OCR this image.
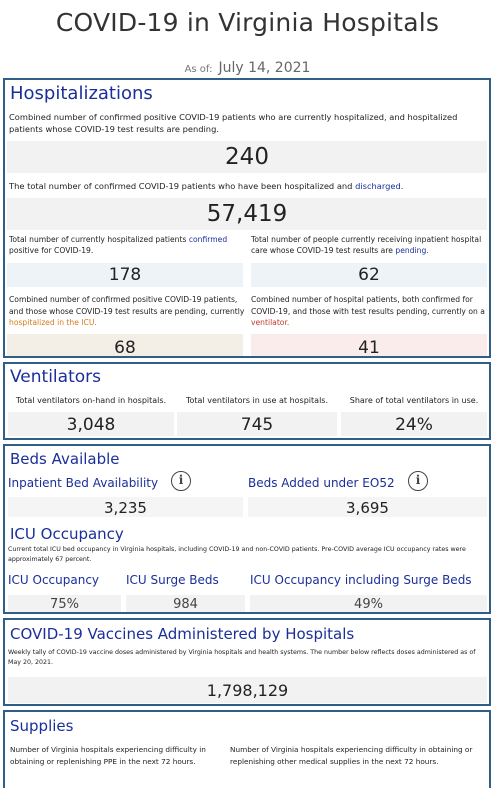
COVID-19 in Virginia Hospitals
As of: July 14, 2021
Hospitalizations
Combined number of confirmed positive COVID-19 patients who are currently hospitalized, and hospitalized patients whose COVID-19 test results are pending.
240
The total number of confirmed COVID-19 patients who have been hospitalized and discharged.
57,419
Total number of currently hospitalized patients confirmed positive for COVID-19.
178
Total number of people currently receiving inpatient hospital care whose COVID-19 test results are pending.
62
Combined number of confirmed positive COVID-19 patients, and those whose COVID-19 test results are pending, currently hospitalized in the ICU.
68
Combined number of hospital patients, both confirmed for COVID-19, and those with test results pending, currently on a ventilator.
41
Ventilators
Total ventilators on-hand in hospitals.
3,048
Total ventilators in use at hospitals.
745
Share of total ventilators in use.
24%
Beds Available
Inpatient Bed Availability	i
3,235
Beds Added under EO52	i
3,695
ICU Occupancy
Current total ICU bed occupancy in Virginia hospitals, including COVID-19 and non-COVID patients. Pre-COVID average ICU occupancy rates were approximately 67 percent.
ICU Occupancy
75%
ICU Surge Beds
984
ICU Occupancy including Surge Beds
49%
COVID-19 Vaccines Administered by Hospitals
Weekly tally of COVID-19 vaccine doses administered by Virginia hospitals and health systems. The number below reflects doses administered as of May 20, 2021.
1,798,129
Supplies
Number of Virginia hospitals experiencing difficulty in obtaining or replenishing PPE in the next 72 hours.
Number of Virginia hospitals experiencing difficulty in obtaining or replenishing other medical supplies in the next 72 hours.
